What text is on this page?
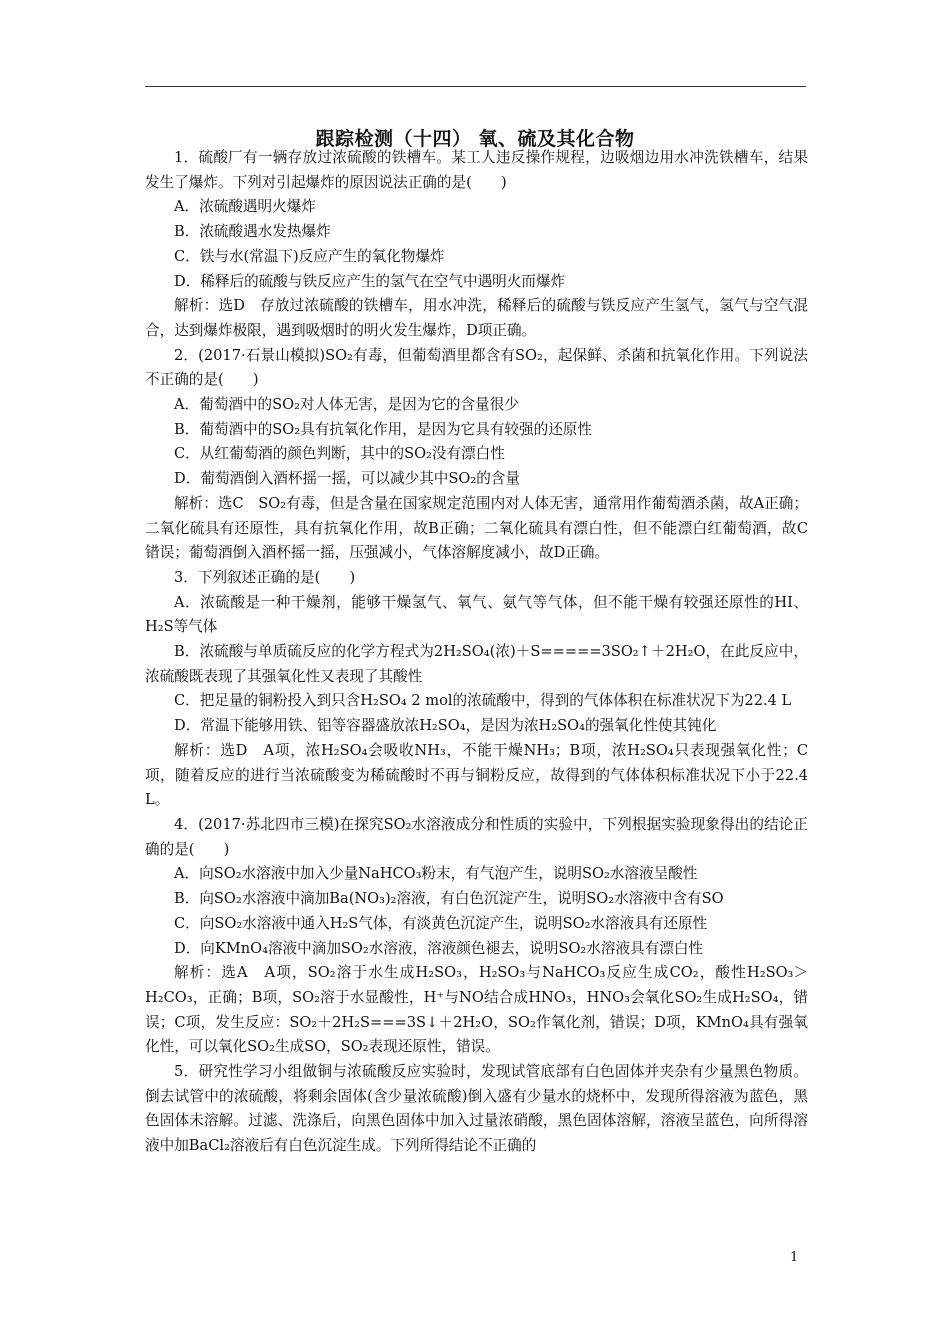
跟踪检测（十四） 氧、硫及其化合物

1．硫酸厂有一辆存放过浓硫酸的铁槽车。某工人违反操作规程，边吸烟边用水冲洗铁槽车，结果发生了爆炸。下列对引起爆炸的原因说法正确的是(　　)

A．浓硫酸遇明火爆炸

B．浓硫酸遇水发热爆炸

C．铁与水(常温下)反应产生的氧化物爆炸

D．稀释后的硫酸与铁反应产生的氢气在空气中遇明火而爆炸

解析：选D　存放过浓硫酸的铁槽车，用水冲洗，稀释后的硫酸与铁反应产生氢气，氢气与空气混合，达到爆炸极限，遇到吸烟时的明火发生爆炸，D项正确。

2．(2017·石景山模拟)SO₂有毒，但葡萄酒里都含有SO₂，起保鲜、杀菌和抗氧化作用。下列说法不正确的是(　　)

A．葡萄酒中的SO₂对人体无害，是因为它的含量很少

B．葡萄酒中的SO₂具有抗氧化作用，是因为它具有较强的还原性

C．从红葡萄酒的颜色判断，其中的SO₂没有漂白性

D．葡萄酒倒入酒杯摇一摇，可以减少其中SO₂的含量

解析：选C　SO₂有毒，但是含量在国家规定范围内对人体无害，通常用作葡萄酒杀菌，故A正确；二氧化硫具有还原性，具有抗氧化作用，故B正确；二氧化硫具有漂白性，但不能漂白红葡萄酒，故C错误；葡萄酒倒入酒杯摇一摇，压强减小，气体溶解度减小，故D正确。

3．下列叙述正确的是(　　)

A．浓硫酸是一种干燥剂，能够干燥氢气、氧气、氨气等气体，但不能干燥有较强还原性的HI、H₂S等气体

B．浓硫酸与单质硫反应的化学方程式为2H₂SO₄(浓)＋S=====3SO₂↑＋2H₂O，在此反应中，浓硫酸既表现了其强氧化性又表现了其酸性

C．把足量的铜粉投入到只含H₂SO₄ 2 mol的浓硫酸中，得到的气体体积在标准状况下为22.4 L

D．常温下能够用铁、铝等容器盛放浓H₂SO₄，是因为浓H₂SO₄的强氧化性使其钝化

解析：选D　A项，浓H₂SO₄会吸收NH₃，不能干燥NH₃；B项，浓H₂SO₄只表现强氧化性；C项，随着反应的进行当浓硫酸变为稀硫酸时不再与铜粉反应，故得到的气体体积标准状况下小于22.4 L。

4．(2017·苏北四市三模)在探究SO₂水溶液成分和性质的实验中，下列根据实验现象得出的结论正确的是(　　)

A．向SO₂水溶液中加入少量NaHCO₃粉末，有气泡产生，说明SO₂水溶液呈酸性

B．向SO₂水溶液中滴加Ba(NO₃)₂溶液，有白色沉淀产生，说明SO₂水溶液中含有SO

C．向SO₂水溶液中通入H₂S气体，有淡黄色沉淀产生，说明SO₂水溶液具有还原性

D．向KMnO₄溶液中滴加SO₂水溶液，溶液颜色褪去，说明SO₂水溶液具有漂白性

解析：选A　A项，SO₂溶于水生成H₂SO₃，H₂SO₃与NaHCO₃反应生成CO₂，酸性H₂SO₃＞H₂CO₃，正确；B项，SO₂溶于水显酸性，H⁺与NO结合成HNO₃，HNO₃会氧化SO₂生成H₂SO₄，错误；C项，发生反应：SO₂＋2H₂S===3S↓＋2H₂O，SO₂作氧化剂，错误；D项，KMnO₄具有强氧化性，可以氧化SO₂生成SO，SO₂表现还原性，错误。

5．研究性学习小组做铜与浓硫酸反应实验时，发现试管底部有白色固体并夹杂有少量黑色物质。倒去试管中的浓硫酸，将剩余固体(含少量浓硫酸)倒入盛有少量水的烧杯中，发现所得溶液为蓝色，黑色固体未溶解。过滤、洗涤后，向黑色固体中加入过量浓硝酸，黑色固体溶解，溶液呈蓝色，向所得溶液中加BaCl₂溶液后有白色沉淀生成。下列所得结论不正确的

1
